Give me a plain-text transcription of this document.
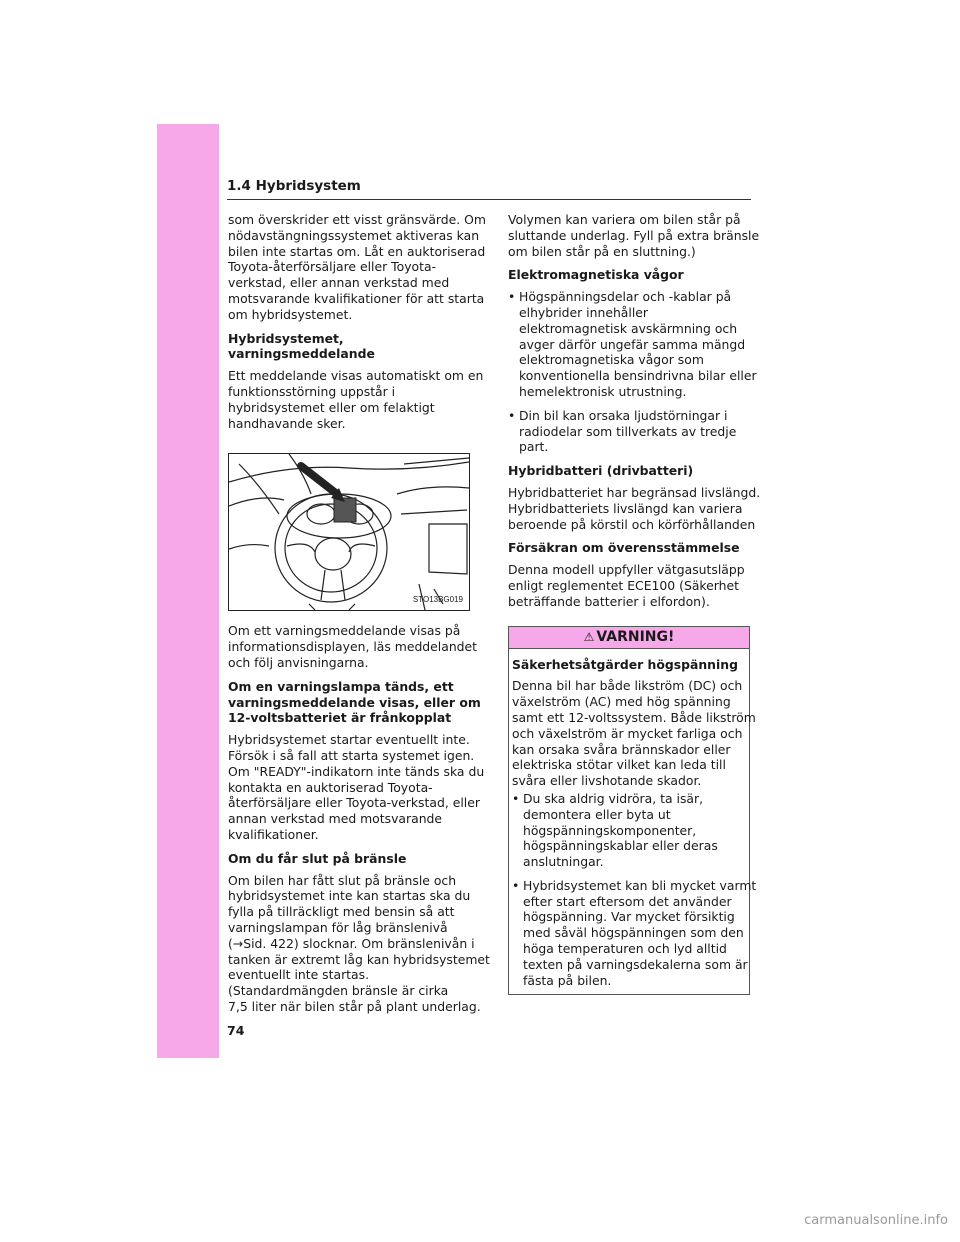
1.4 Hybridsystem

som överskrider ett visst gränsvärde. Om
nödavstängningssystemet aktiveras kan
bilen inte startas om. Låt en auktoriserad
Toyota-återförsäljare eller Toyota-
verkstad, eller annan verkstad med
motsvarande kvalifikationer för att starta
om hybridsystemet.

Hybridsystemet, varningsmeddelande

Ett meddelande visas automatiskt om en
funktionsstörning uppstår i
hybridsystemet eller om felaktigt
handhavande sker.

STO13BG019

Om ett varningsmeddelande visas på
informationsdisplayen, läs meddelandet
och följ anvisningarna.

Om en varningslampa tänds, ett
varningsmeddelande visas, eller om
12-voltsbatteriet är frånkopplat

Hybridsystemet startar eventuellt inte.
Försök i så fall att starta systemet igen.
Om "READY"-indikatorn inte tänds ska du
kontakta en auktoriserad Toyota-
återförsäljare eller Toyota-verkstad, eller
annan verkstad med motsvarande
kvalifikationer.

Om du får slut på bränsle

Om bilen har fått slut på bränsle och
hybridsystemet inte kan startas ska du
fylla på tillräckligt med bensin så att
varningslampan för låg bränslenivå
(→Sid. 422) slocknar. Om bränslenivån i
tanken är extremt låg kan hybridsystemet
eventuellt inte startas.
(Standardmängden bränsle är cirka
7,5 liter när bilen står på plant underlag.

Volymen kan variera om bilen står på
sluttande underlag. Fyll på extra bränsle
om bilen står på en sluttning.)

Elektromagnetiska vågor

• Högspänningsdelar och -kablar på
elhybrider innehåller
elektromagnetisk avskärmning och
avger därför ungefär samma mängd
elektromagnetiska vågor som
konventionella bensindrivna bilar eller
hemelektronisk utrustning.
• Din bil kan orsaka ljudstörningar i
radiodelar som tillverkats av tredje
part.

Hybridbatteri (drivbatteri)

Hybridbatteriet har begränsad livslängd.
Hybridbatteriets livslängd kan variera
beroende på körstil och körförhållanden

Försäkran om överensstämmelse

Denna modell uppfyller vätgasutsläpp
enligt reglementet ECE100 (Säkerhet
beträffande batterier i elfordon).

⚠ VARNING!

Säkerhetsåtgärder högspänning

Denna bil har både likström (DC) och
växelström (AC) med hög spänning
samt ett 12-voltssystem. Både likström
och växelström är mycket farliga och
kan orsaka svåra brännskador eller
elektriska stötar vilket kan leda till
svåra eller livshotande skador.

• Du ska aldrig vidröra, ta isär,
demontera eller byta ut
högspänningskomponenter,
högspänningskablar eller deras
anslutningar.
• Hybridsystemet kan bli mycket varmt
efter start eftersom det använder
högspänning. Var mycket försiktig
med såväl högspänningen som den
höga temperaturen och lyd alltid
texten på varningsdekalerna som är
fästa på bilen.
74
carmanualsonline.info
